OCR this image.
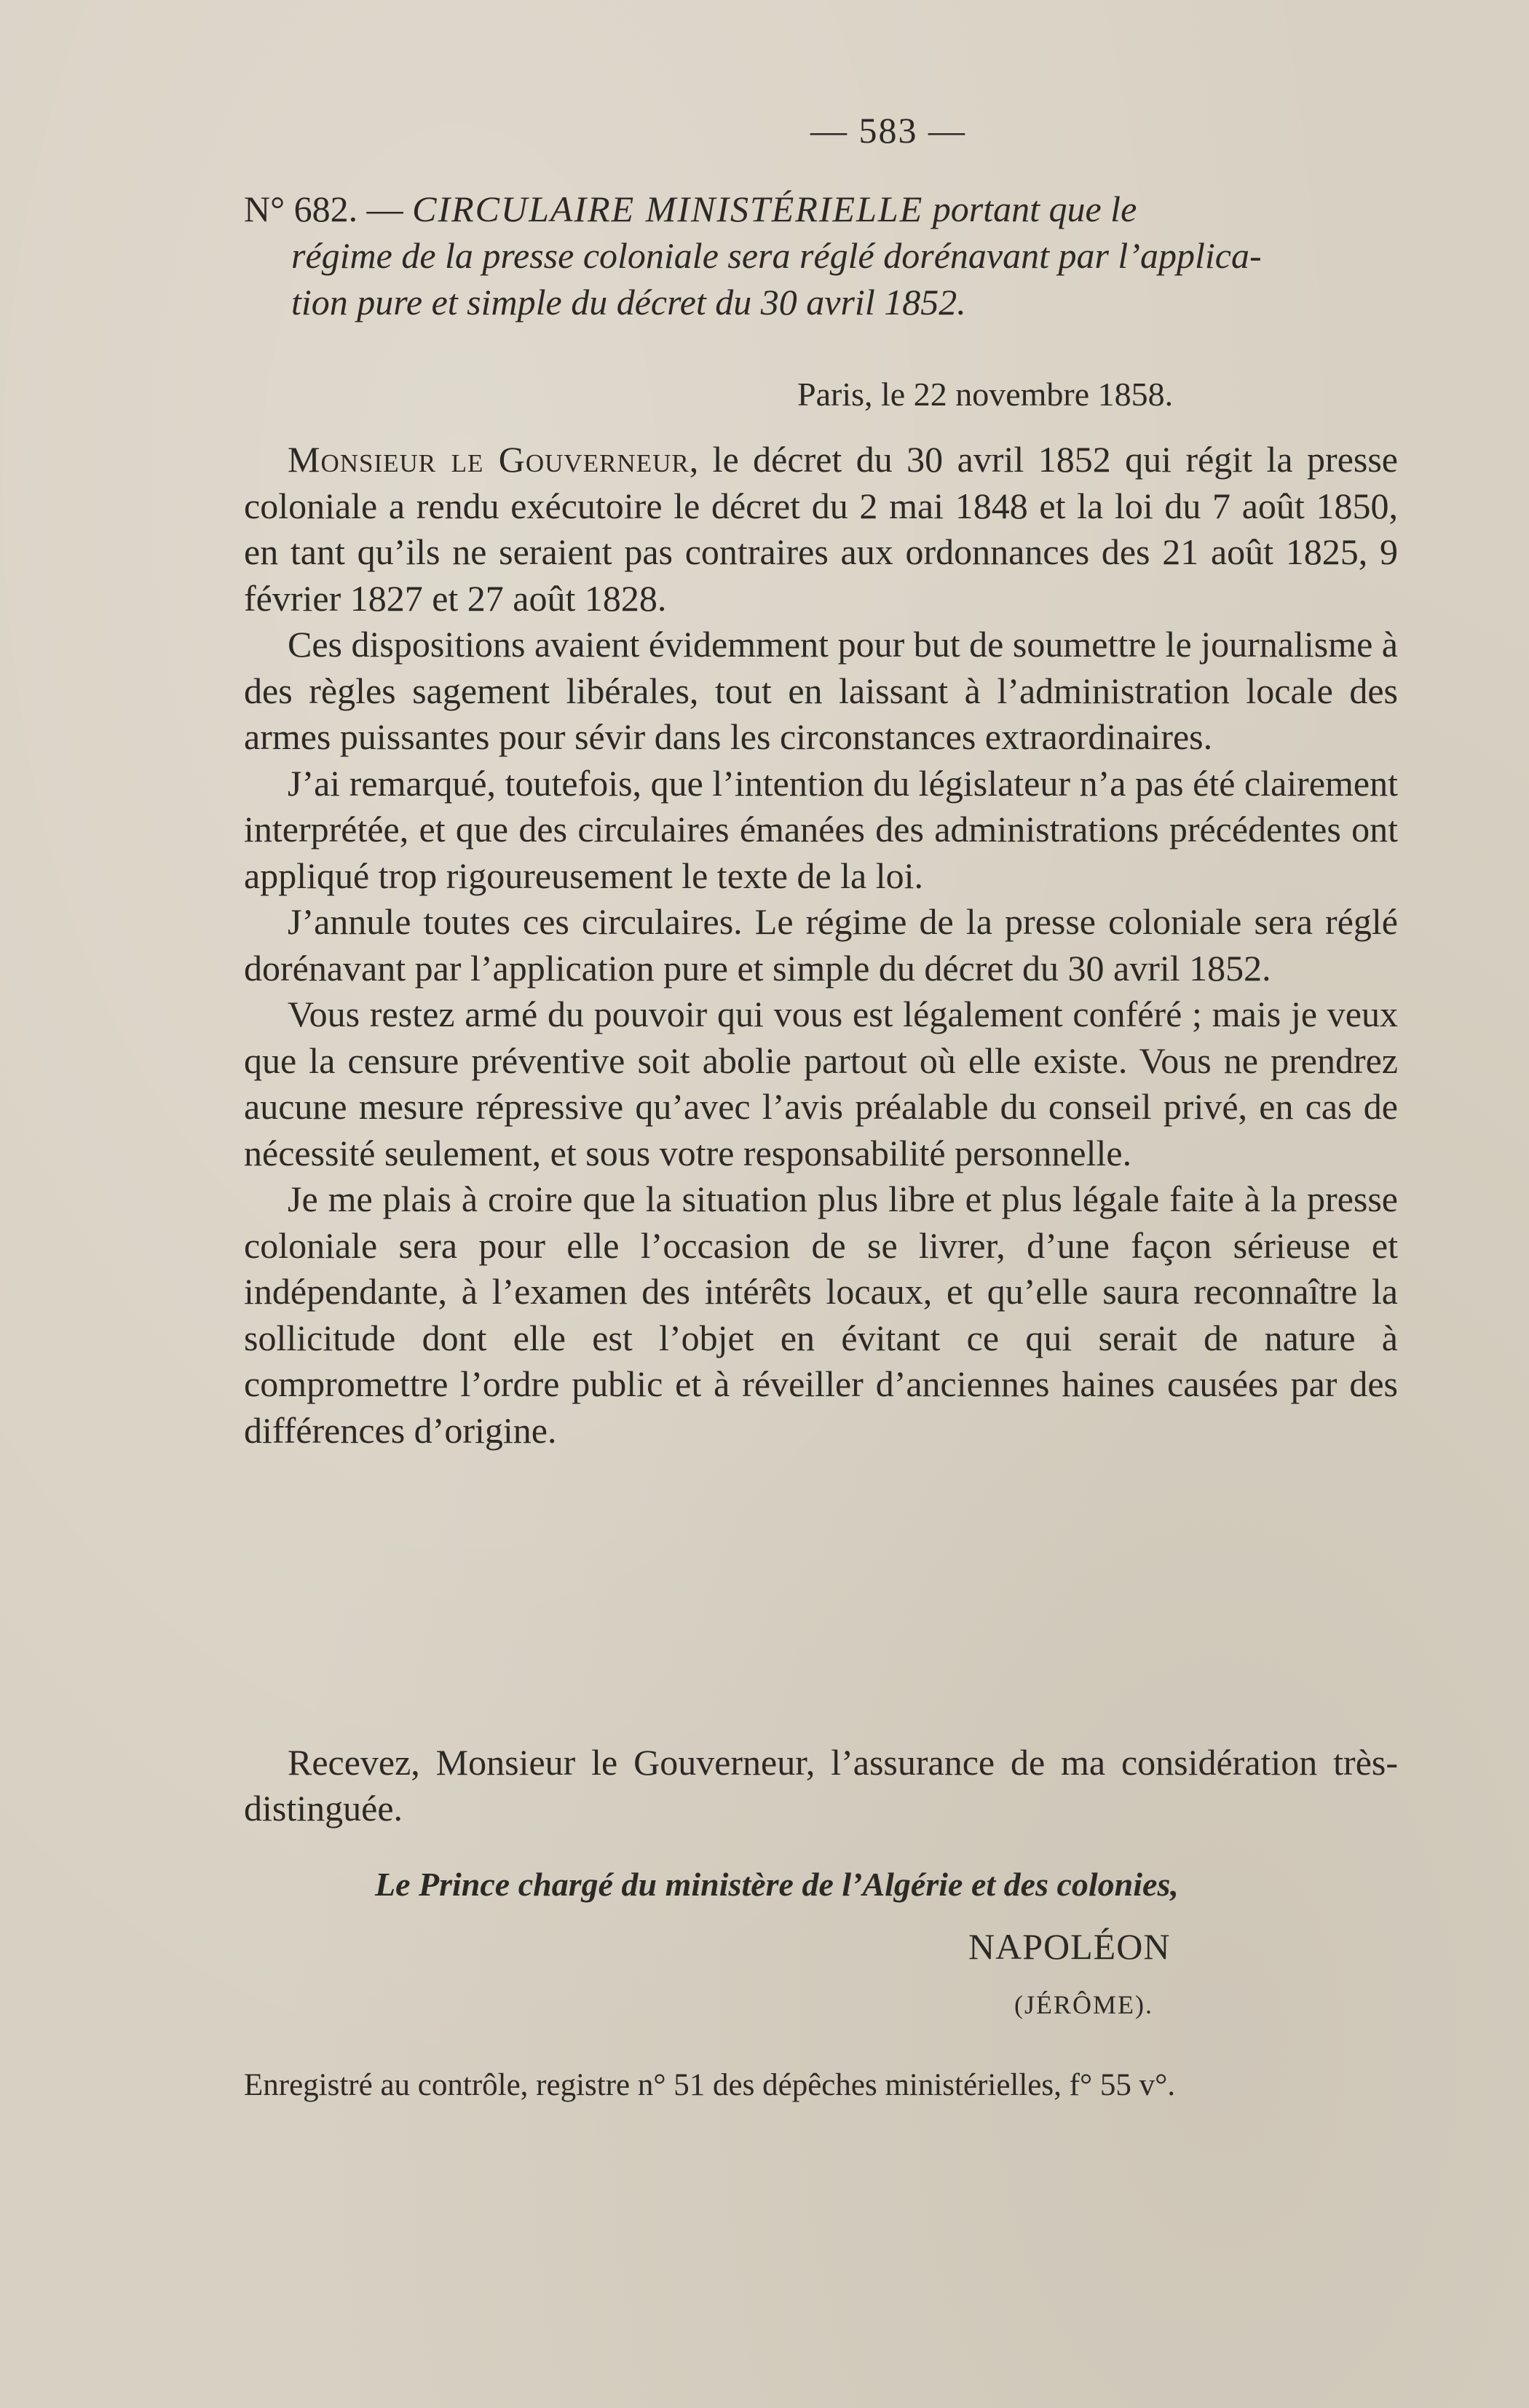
— 583 —
N° 682. — CIRCULAIRE MINISTÉRIELLE portant que le
régime de la presse coloniale sera réglé dorénavant par l’applica-
tion pure et simple du décret du 30 avril 1852.
Paris, le 22 novembre 1858.

Monsieur le Gouverneur, le décret du 30 avril 1852 qui régit la presse coloniale a rendu exécutoire le décret du 2 mai 1848 et la loi du 7 août 1850, en tant qu’ils ne seraient pas contraires aux ordonnances des 21 août 1825, 9 février 1827 et 27 août 1828.

Ces dispositions avaient évidemment pour but de soumettre le journalisme à des règles sagement libérales, tout en laissant à l’administration locale des armes puissantes pour sévir dans les circonstances extraordinaires.

J’ai remarqué, toutefois, que l’intention du législateur n’a pas été clairement interprétée, et que des circulaires émanées des administrations précédentes ont appliqué trop rigoureusement le texte de la loi.

J’annule toutes ces circulaires. Le régime de la presse coloniale sera réglé dorénavant par l’application pure et simple du décret du 30 avril 1852.

Vous restez armé du pouvoir qui vous est légalement conféré ; mais je veux que la censure préventive soit abolie partout où elle existe. Vous ne prendrez aucune mesure répressive qu’avec l’avis préalable du conseil privé, en cas de nécessité seulement, et sous votre responsabilité personnelle.

Je me plais à croire que la situation plus libre et plus légale faite à la presse coloniale sera pour elle l’occasion de se livrer, d’une façon sérieuse et indépendante, à l’examen des intérêts locaux, et qu’elle saura reconnaître la sollicitude dont elle est l’objet en évitant ce qui serait de nature à compromettre l’ordre public et à réveiller d’anciennes haines causées par des différences d’origine.

Recevez, Monsieur le Gouverneur, l’assurance de ma considération très-distinguée.
Le Prince chargé du ministère de l’Algérie et des colonies,
NAPOLÉON
(JÉRÔME).
Enregistré au contrôle, registre n° 51 des dépêches ministérielles, f° 55 v°.
